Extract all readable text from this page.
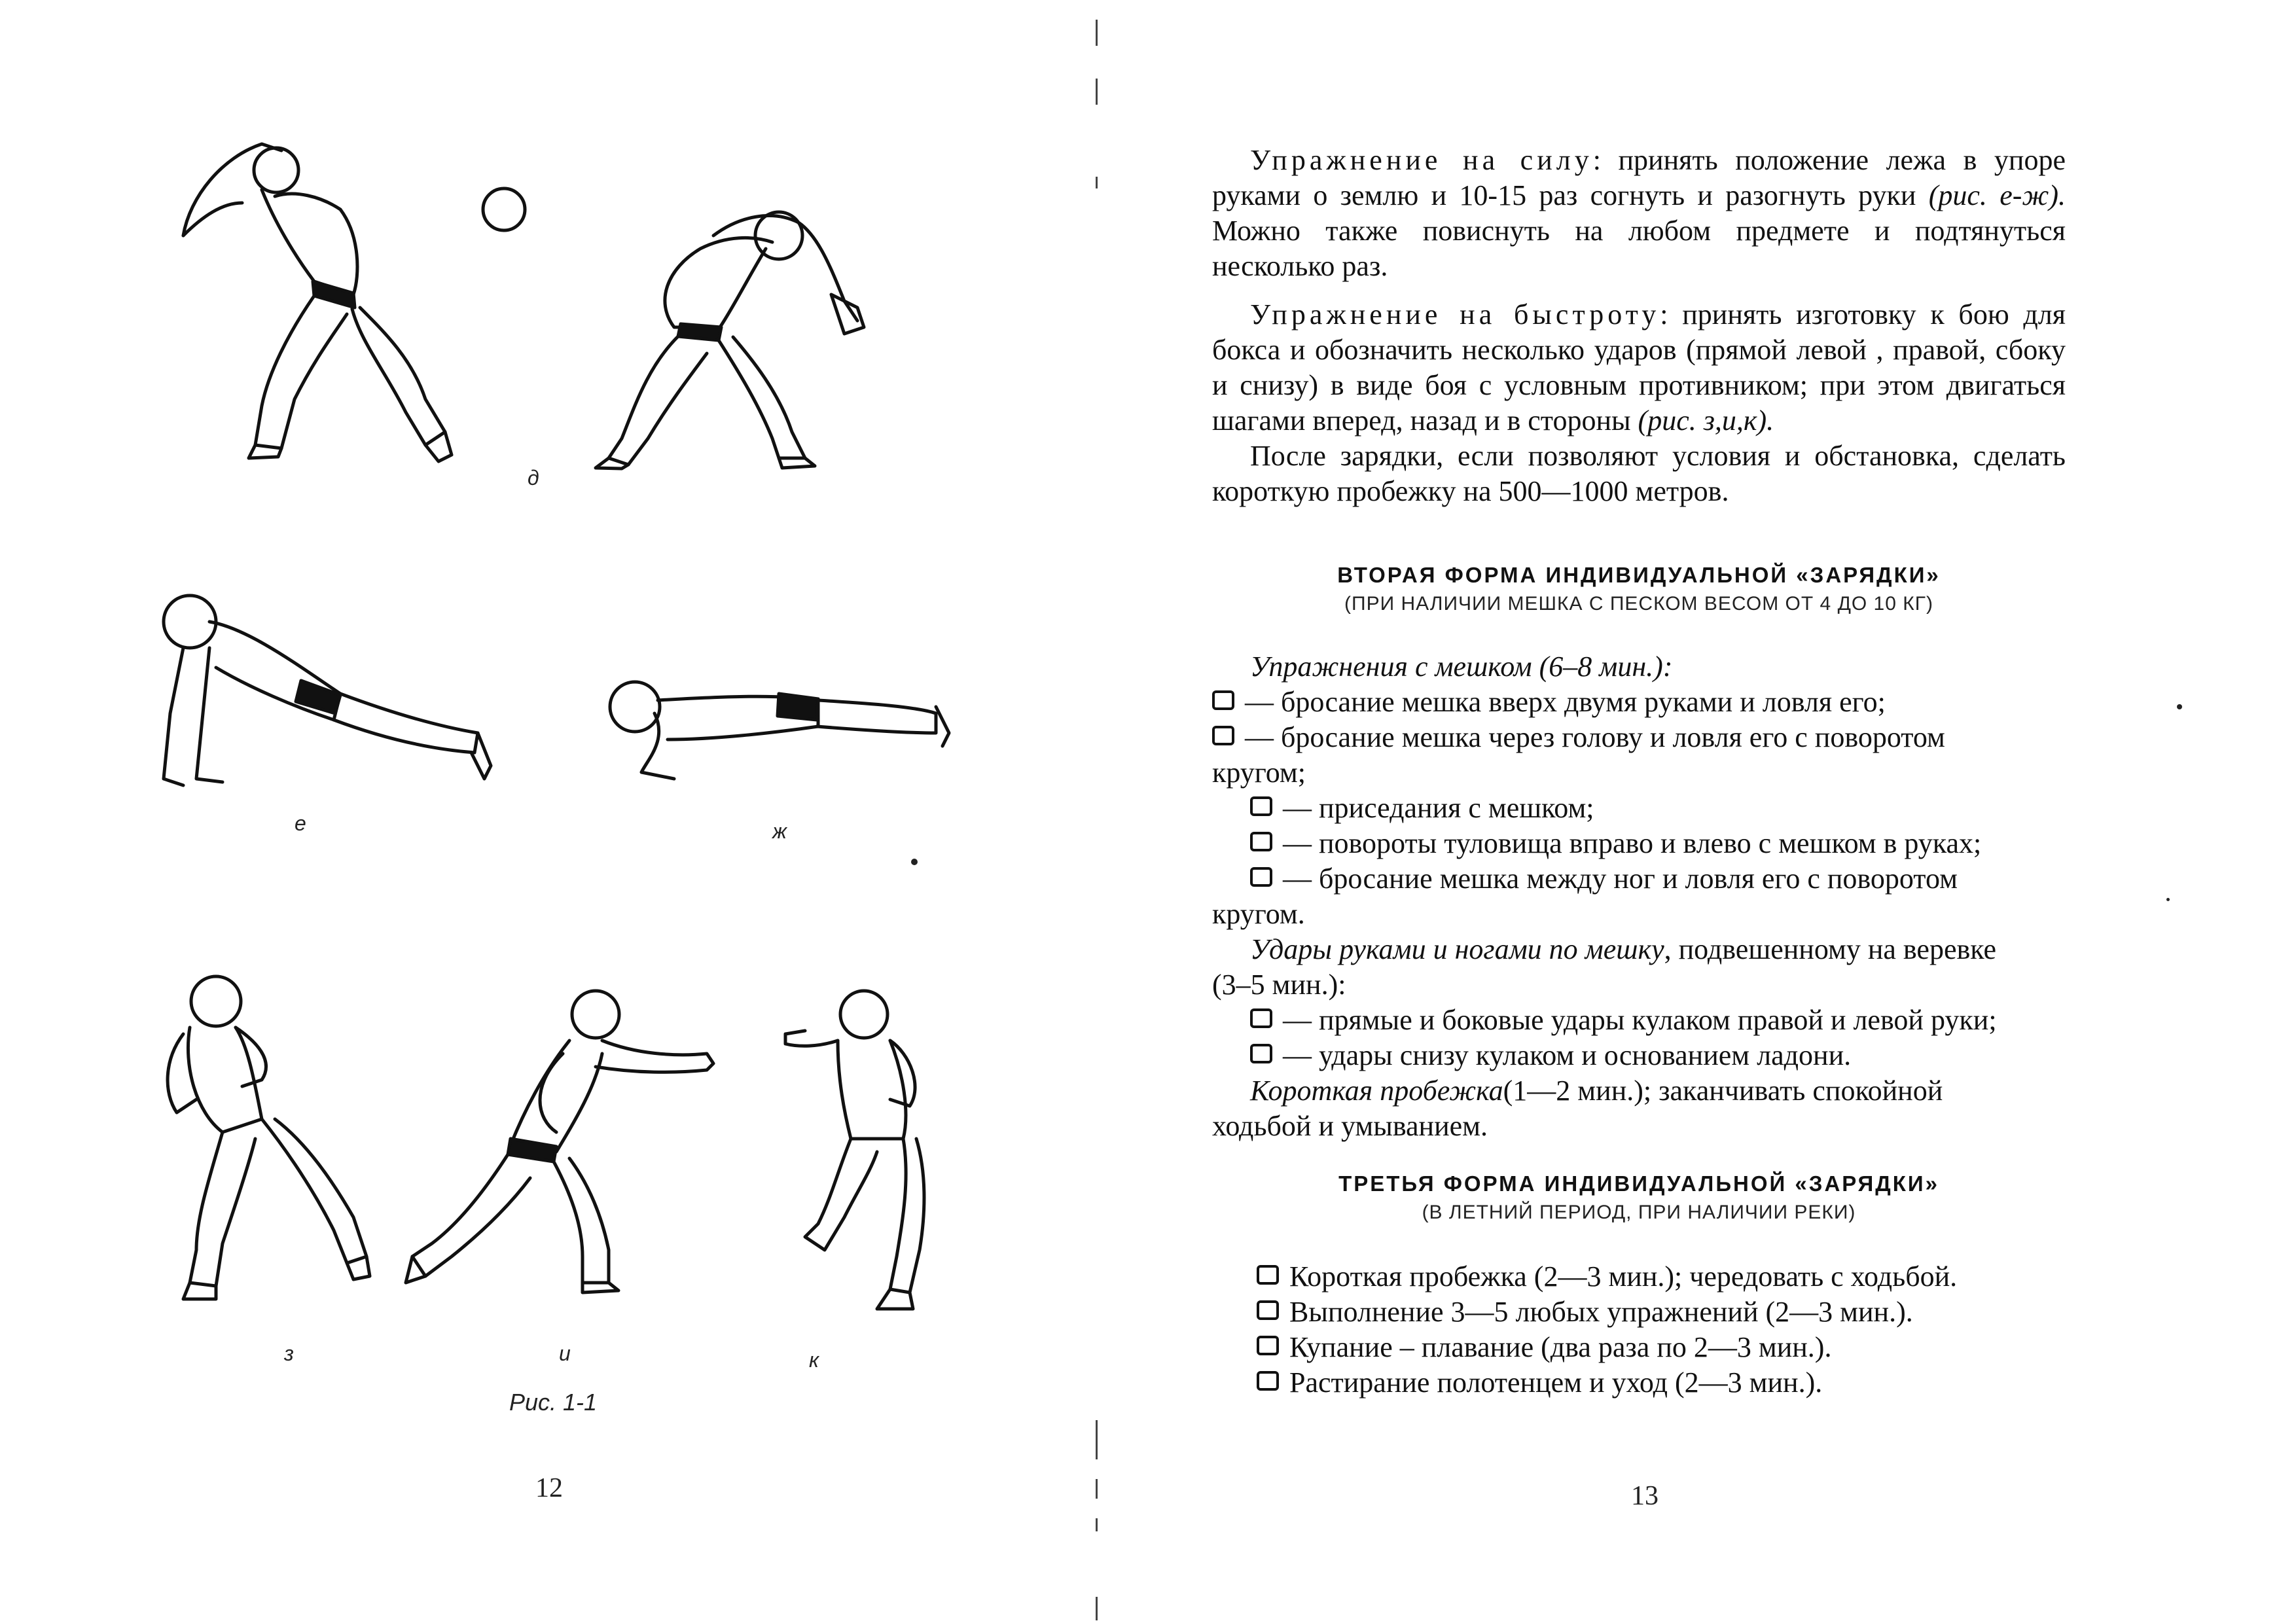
д
е	ж
з	и	к
Рис. 1-1
12

Упражнение на силу: принять положение лежа в упоре руками о землю и 10-15 раз согнуть и разогнуть руки (рис. е-ж). Можно также повиснуть на любом предмете и подтянуться несколько раз.

Упражнение на быстроту: принять изготовку к бою для бокса и обозначить несколько ударов (прямой левой , правой, сбоку и снизу) в виде боя с условным противником; при этом двигаться шагами вперед, назад и в стороны (рис. з,и,к).

После зарядки, если позволяют условия и обстановка, сделать короткую пробежку на 500—1000 метров.

ВТОРАЯ ФОРМА ИНДИВИДУАЛЬНОЙ «ЗАРЯДКИ»
(ПРИ НАЛИЧИИ МЕШКА С ПЕСКОМ ВЕСОМ ОТ 4 ДО 10 КГ)
Упражнения с мешком (6–8 мин.):
— бросание мешка вверх двумя руками и ловля его;
— бросание мешка через голову и ловля его с поворотом
кругом;
— приседания с мешком;
— повороты туловища вправо и влево с мешком в руках;
— бросание мешка между ног и ловля его с поворотом
кругом.
Удары руками и ногами по мешку , подвешенному на веревке
(3–5 мин.):
— прямые и боковые удары кулаком правой и левой руки;
— удары снизу кулаком и основанием ладони.
Короткая пробежка (1—2 мин.); заканчивать спокойной
ходьбой и умыванием.
ТРЕТЬЯ ФОРМА ИНДИВИДУАЛЬНОЙ «ЗАРЯДКИ»
(В ЛЕТНИЙ ПЕРИОД, ПРИ НАЛИЧИИ РЕКИ)
Короткая пробежка (2—3 мин.); чередовать с ходьбой.
Выполнение 3—5 любых упражнений (2—3 мин.).
Купание – плавание (два раза по 2—3 мин.).
Растирание полотенцем и уход (2—3 мин.).
13
